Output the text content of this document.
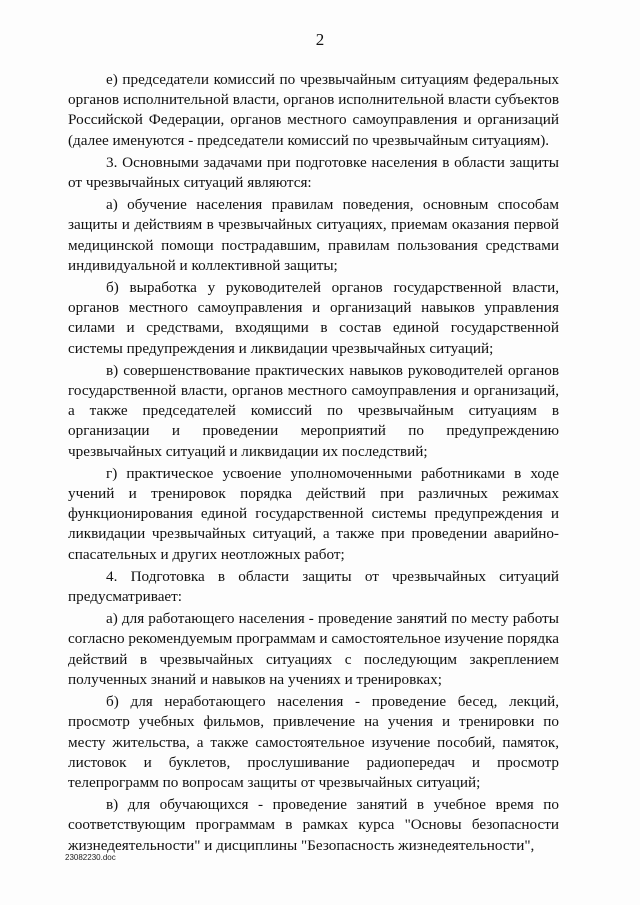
2

е) председатели комиссий по чрезвычайным ситуациям федеральных органов исполнительной власти, органов исполнительной власти субъектов Российской Федерации, органов местного самоуправления и организаций (далее именуются - председатели комиссий по чрезвычайным ситуациям).

3. Основными задачами при подготовке населения в области защиты от чрезвычайных ситуаций являются:

а) обучение населения правилам поведения, основным способам защиты и действиям в чрезвычайных ситуациях, приемам оказания первой медицинской помощи пострадавшим, правилам пользования средствами индивидуальной и коллективной защиты;

б) выработка у руководителей органов государственной власти, органов местного самоуправления и организаций навыков управления силами и средствами, входящими в состав единой государственной системы предупреждения и ликвидации чрезвычайных ситуаций;

в) совершенствование практических навыков руководителей органов государственной власти, органов местного самоуправления и организаций, а также председателей комиссий по чрезвычайным ситуациям в организации и проведении мероприятий по предупреждению чрезвычайных ситуаций и ликвидации их последствий;

г) практическое усвоение уполномоченными работниками в ходе учений и тренировок порядка действий при различных режимах функционирования единой государственной системы предупреждения и ликвидации чрезвычайных ситуаций, а также при проведении аварийно-спасательных и других неотложных работ;

4. Подготовка в области защиты от чрезвычайных ситуаций предусматривает:

а) для работающего населения - проведение занятий по месту работы согласно рекомендуемым программам и самостоятельное изучение порядка действий в чрезвычайных ситуациях с последующим закреплением полученных знаний и навыков на учениях и тренировках;

б) для неработающего населения - проведение бесед, лекций, просмотр учебных фильмов, привлечение на учения и тренировки по месту жительства, а также самостоятельное изучение пособий, памяток, листовок и буклетов, прослушивание радиопередач и просмотр телепрограмм по вопросам защиты от чрезвычайных ситуаций;

в) для обучающихся - проведение занятий в учебное время по соответствующим программам в рамках курса "Основы безопасности жизнедеятельности" и дисциплины "Безопасность жизнедеятельности",

23082230.doc
